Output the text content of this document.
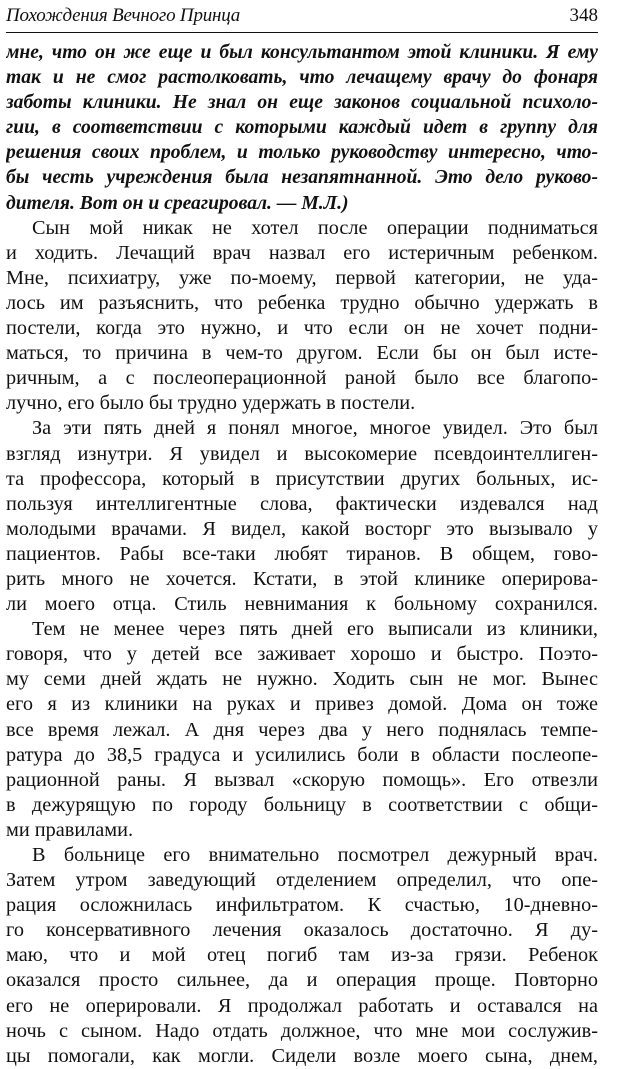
Похождения Вечного Принца	348
мне, что он же еще и был консультантом этой клиники. Я ему
так и не смог растолковать, что лечащему врачу до фонаря
заботы клиники. Не знал он еще законов социальной психоло-
гии, в соответствии с которыми каждый идет в группу для
решения своих проблем, и только руководству интересно, что-
бы честь учреждения была незапятнанной. Это дело руково-
дителя. Вот он и среагировал. — М.Л.)
Сын мой никак не хотел после операции подниматься
и ходить. Лечащий врач назвал его истеричным ребенком.
Мне, психиатру, уже по-моему, первой категории, не уда-
лось им разъяснить, что ребенка трудно обычно удержать в
постели, когда это нужно, и что если он не хочет подни-
маться, то причина в чем-то другом. Если бы он был исте-
ричным, а с послеоперационной раной было все благопо-
лучно, его было бы трудно удержать в постели.
За эти пять дней я понял многое, многое увидел. Это был
взгляд изнутри. Я увидел и высокомерие псевдоинтеллиген-
та профессора, который в присутствии других больных, ис-
пользуя интеллигентные слова, фактически издевался над
молодыми врачами. Я видел, какой восторг это вызывало у
пациентов. Рабы все-таки любят тиранов. В общем, гово-
рить много не хочется. Кстати, в этой клинике оперирова-
ли моего отца. Стиль невнимания к больному сохранился.
Тем не менее через пять дней его выписали из клиники,
говоря, что у детей все заживает хорошо и быстро. Поэто-
му семи дней ждать не нужно. Ходить сын не мог. Вынес
его я из клиники на руках и привез домой. Дома он тоже
все время лежал. А дня через два у него поднялась темпе-
ратура до 38,5 градуса и усилились боли в области послеопе-
рационной раны. Я вызвал «скорую помощь». Его отвезли
в дежурящую по городу больницу в соответствии с общи-
ми правилами.
В больнице его внимательно посмотрел дежурный врач.
Затем утром заведующий отделением определил, что опе-
рация осложнилась инфильтратом. К счастью, 10-дневно-
го консервативного лечения оказалось достаточно. Я ду-
маю, что и мой отец погиб там из-за грязи. Ребенок
оказался просто сильнее, да и операция проще. Повторно
его не оперировали. Я продолжал работать и оставался на
ночь с сыном. Надо отдать должное, что мне мои сослужив-
цы помогали, как могли. Сидели возле моего сына, днем,
